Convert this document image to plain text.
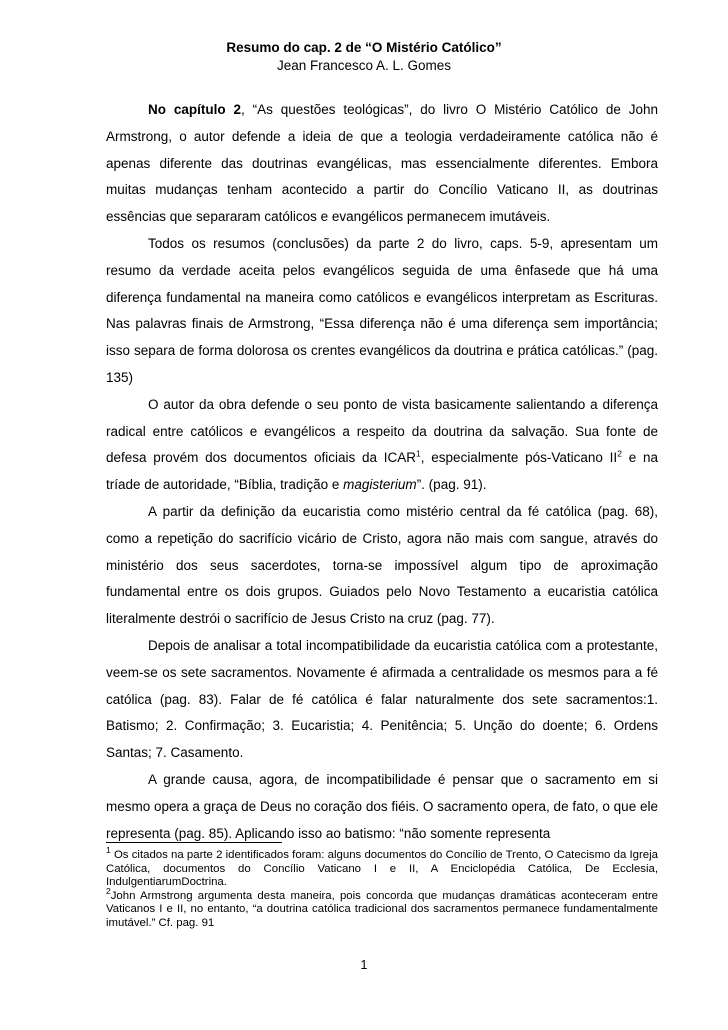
Resumo do cap. 2 de “O Mistério Católico”
Jean Francesco A. L. Gomes

No capítulo 2, “As questões teológicas”, do livro O Mistério Católico de John Armstrong, o autor defende a ideia de que a teologia verdadeiramente católica não é apenas diferente das doutrinas evangélicas, mas essencialmente diferentes. Embora muitas mudanças tenham acontecido a partir do Concílio Vaticano II, as doutrinas essências que separaram católicos e evangélicos permanecem imutáveis.

Todos os resumos (conclusões) da parte 2 do livro, caps. 5-9, apresentam um resumo da verdade aceita pelos evangélicos seguida de uma ênfasede que há uma diferença fundamental na maneira como católicos e evangélicos interpretam as Escrituras. Nas palavras finais de Armstrong, “Essa diferença não é uma diferença sem importância; isso separa de forma dolorosa os crentes evangélicos da doutrina e prática católicas.” (pag. 135)

O autor da obra defende o seu ponto de vista basicamente salientando a diferença radical entre católicos e evangélicos a respeito da doutrina da salvação. Sua fonte de defesa provém dos documentos oficiais da ICAR$^1$, especialmente pós-Vaticano $II^2$ e na tríade de autoridade, “Bíblia, tradição e magisterium”. (pag. 91).

A partir da definição da eucaristia como mistério central da fé católica (pag. 68), como a repetição do sacrifício vicário de Cristo, agora não mais com sangue, através do ministério dos seus sacerdotes, torna-se impossível algum tipo de aproximação fundamental entre os dois grupos. Guiados pelo Novo Testamento a eucaristia católica literalmente destrói o sacrifício de Jesus Cristo na cruz (pag. 77).

Depois de analisar a total incompatibilidade da eucaristia católica com a protestante, veem-se os sete sacramentos. Novamente é afirmada a centralidade os mesmos para a fé católica (pag. 83). Falar de fé católica é falar naturalmente dos sete sacramentos:1. Batismo; 2. Confirmação; 3. Eucaristia; 4. Penitência; 5. Unção do doente; 6. Ordens Santas; 7. Casamento.

A grande causa, agora, de incompatibilidade é pensar que o sacramento em si mesmo opera a graça de Deus no coração dos fiéis. O sacramento opera, de fato, o que ele representa (pag. 85). Aplicando isso ao batismo: “não somente representa

$^1$ Os citados na parte 2 identificados foram: alguns documentos do Concílio de Trento, O Catecismo da Igreja Católica, documentos do Concílio Vaticano I e II, A Enciclopédia Católica, De Ecclesia, IndulgentiarumDoctrina.

$^2$John Armstrong argumenta desta maneira, pois concorda que mudanças dramáticas aconteceram entre Vaticanos I e II, no entanto, “a doutrina católica tradicional dos sacramentos permanece fundamentalmente imutável.” Cf. pag. 91

1
